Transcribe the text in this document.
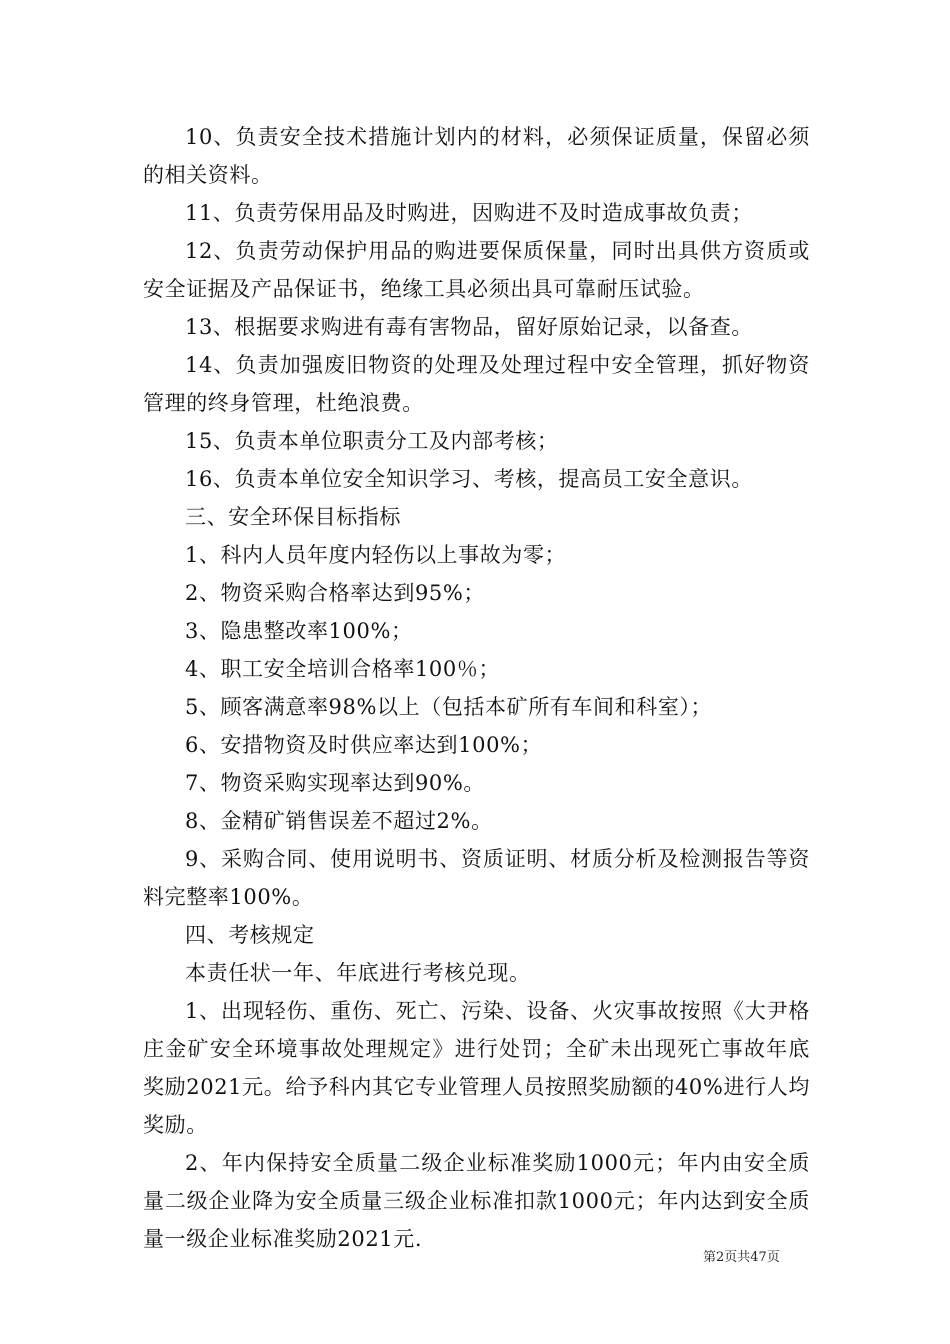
10、负责安全技术措施计划内的材料，必须保证质量，保留必须的相关资料。

11、负责劳保用品及时购进，因购进不及时造成事故负责；

12、负责劳动保护用品的购进要保质保量，同时出具供方资质或安全证据及产品保证书，绝缘工具必须出具可靠耐压试验。

13、根据要求购进有毒有害物品，留好原始记录，以备查。

14、负责加强废旧物资的处理及处理过程中安全管理，抓好物资管理的终身管理，杜绝浪费。

15、负责本单位职责分工及内部考核；

16、负责本单位安全知识学习、考核，提高员工安全意识。

三、安全环保目标指标

1、科内人员年度内轻伤以上事故为零；

2、物资采购合格率达到95%；

3、隐患整改率100%；

4、职工安全培训合格率100％；

5、顾客满意率98%以上（包括本矿所有车间和科室）；

6、安措物资及时供应率达到100%；

7、物资采购实现率达到90%。

8、金精矿销售误差不超过2%。

9、采购合同、使用说明书、资质证明、材质分析及检测报告等资料完整率100%。

四、考核规定

本责任状一年、年底进行考核兑现。

1、出现轻伤、重伤、死亡、污染、设备、火灾事故按照《大尹格庄金矿安全环境事故处理规定》进行处罚；全矿未出现死亡事故年底奖励2021元。给予科内其它专业管理人员按照奖励额的40%进行人均奖励。

2、年内保持安全质量二级企业标准奖励1000元；年内由安全质量二级企业降为安全质量三级企业标准扣款1000元；年内达到安全质量一级企业标准奖励2021元.

第2页共47页
